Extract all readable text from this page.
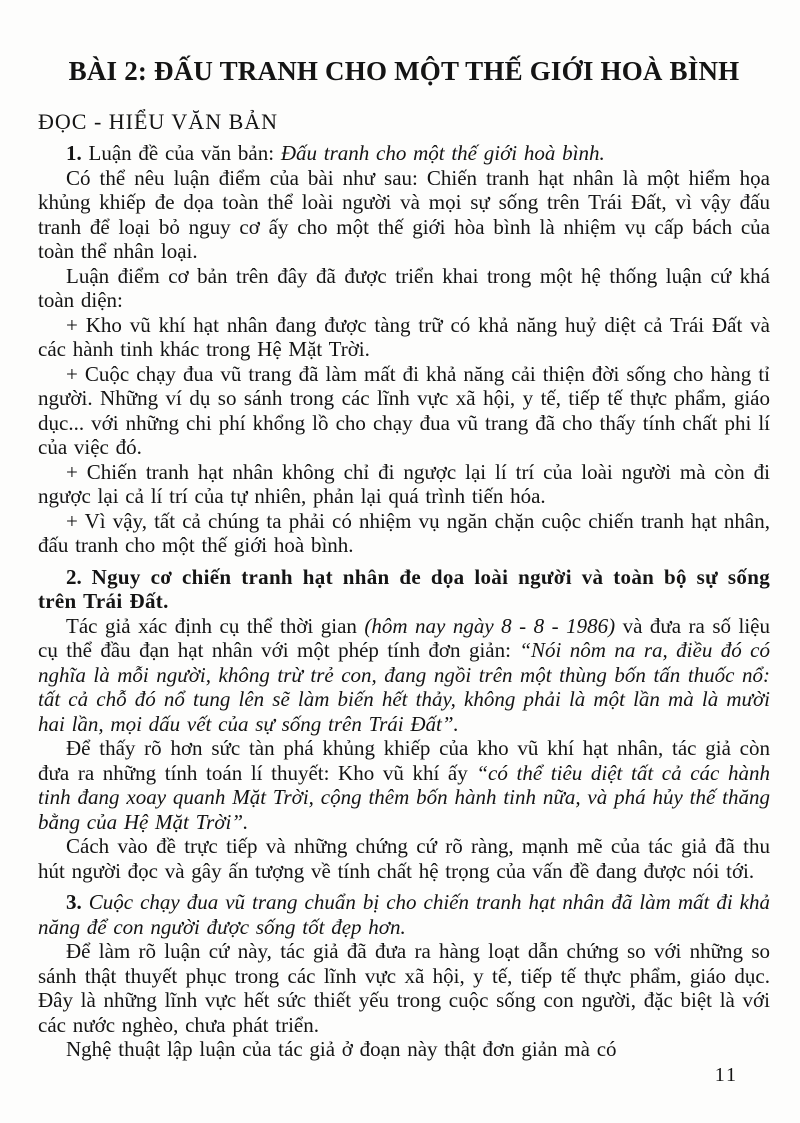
BÀI 2: ĐẤU TRANH CHO MỘT THẾ GIỚI HOÀ BÌNH
ĐỌC - HIỂU VĂN BẢN

1. Luận đề của văn bản: Đấu tranh cho một thế giới hoà bình.

Có thể nêu luận điểm của bài như sau: Chiến tranh hạt nhân là một hiểm họa khủng khiếp đe dọa toàn thể loài người và mọi sự sống trên Trái Đất, vì vậy đấu tranh để loại bỏ nguy cơ ấy cho một thế giới hòa bình là nhiệm vụ cấp bách của toàn thể nhân loại.

Luận điểm cơ bản trên đây đã được triển khai trong một hệ thống luận cứ khá toàn diện:

+ Kho vũ khí hạt nhân đang được tàng trữ có khả năng huỷ diệt cả Trái Đất và các hành tinh khác trong Hệ Mặt Trời.

+ Cuộc chạy đua vũ trang đã làm mất đi khả năng cải thiện đời sống cho hàng tỉ người. Những ví dụ so sánh trong các lĩnh vực xã hội, y tế, tiếp tế thực phẩm, giáo dục... với những chi phí khổng lồ cho chạy đua vũ trang đã cho thấy tính chất phi lí của việc đó.

+ Chiến tranh hạt nhân không chỉ đi ngược lại lí trí của loài người mà còn đi ngược lại cả lí trí của tự nhiên, phản lại quá trình tiến hóa.

+ Vì vậy, tất cả chúng ta phải có nhiệm vụ ngăn chặn cuộc chiến tranh hạt nhân, đấu tranh cho một thế giới hoà bình.

2. Nguy cơ chiến tranh hạt nhân đe dọa loài người và toàn bộ sự sống trên Trái Đất.

Tác giả xác định cụ thể thời gian (hôm nay ngày 8 - 8 - 1986) và đưa ra số liệu cụ thể đầu đạn hạt nhân với một phép tính đơn giản: “Nói nôm na ra, điều đó có nghĩa là mỗi người, không trừ trẻ con, đang ngồi trên một thùng bốn tấn thuốc nổ: tất cả chỗ đó nổ tung lên sẽ làm biến hết thảy, không phải là một lần mà là mười hai lần, mọi dấu vết của sự sống trên Trái Đất”.

Để thấy rõ hơn sức tàn phá khủng khiếp của kho vũ khí hạt nhân, tác giả còn đưa ra những tính toán lí thuyết: Kho vũ khí ấy “có thể tiêu diệt tất cả các hành tinh đang xoay quanh Mặt Trời, cộng thêm bốn hành tinh nữa, và phá hủy thế thăng bằng của Hệ Mặt Trời”.

Cách vào đề trực tiếp và những chứng cứ rõ ràng, mạnh mẽ của tác giả đã thu hút người đọc và gây ấn tượng về tính chất hệ trọng của vấn đề đang được nói tới.

3. Cuộc chạy đua vũ trang chuẩn bị cho chiến tranh hạt nhân đã làm mất đi khả năng để con người được sống tốt đẹp hơn.

Để làm rõ luận cứ này, tác giả đã đưa ra hàng loạt dẫn chứng so với những so sánh thật thuyết phục trong các lĩnh vực xã hội, y tế, tiếp tế thực phẩm, giáo dục. Đây là những lĩnh vực hết sức thiết yếu trong cuộc sống con người, đặc biệt là với các nước nghèo, chưa phát triển.

Nghệ thuật lập luận của tác giả ở đoạn này thật đơn giản mà có

11
